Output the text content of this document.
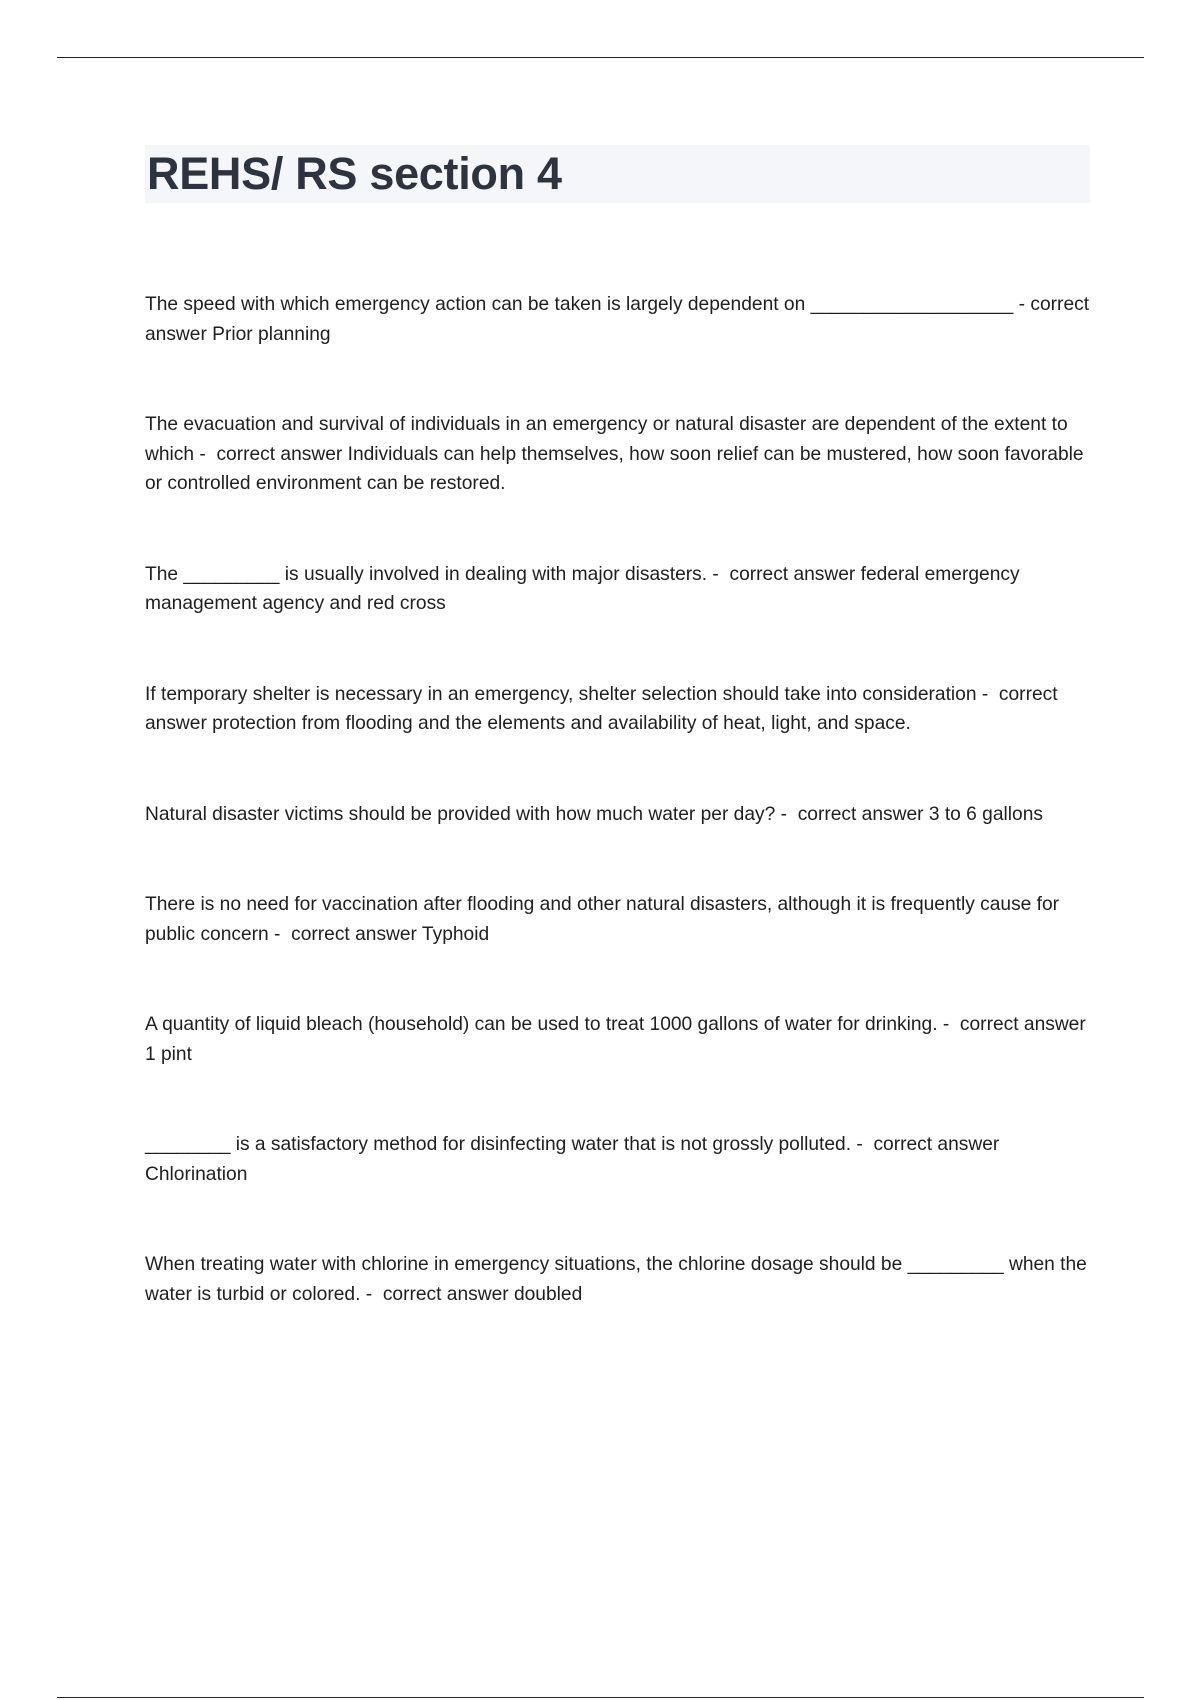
REHS/ RS section 4

The speed with which emergency action can be taken is largely dependent on ___________________ - correct answer Prior planning

The evacuation and survival of individuals in an emergency or natural disaster are dependent of the extent to which - correct answer Individuals can help themselves, how soon relief can be mustered, how soon favorable or controlled environment can be restored.

The _________ is usually involved in dealing with major disasters. - correct answer federal emergency management agency and red cross

If temporary shelter is necessary in an emergency, shelter selection should take into consideration - correct answer protection from flooding and the elements and availability of heat, light, and space.

Natural disaster victims should be provided with how much water per day? - correct answer 3 to 6 gallons

There is no need for vaccination after flooding and other natural disasters, although it is frequently cause for public concern - correct answer Typhoid

A quantity of liquid bleach (household) can be used to treat 1000 gallons of water for drinking. - correct answer 1 pint

________ is a satisfactory method for disinfecting water that is not grossly polluted. - correct answer Chlorination

When treating water with chlorine in emergency situations, the chlorine dosage should be _________ when the water is turbid or colored. - correct answer doubled
